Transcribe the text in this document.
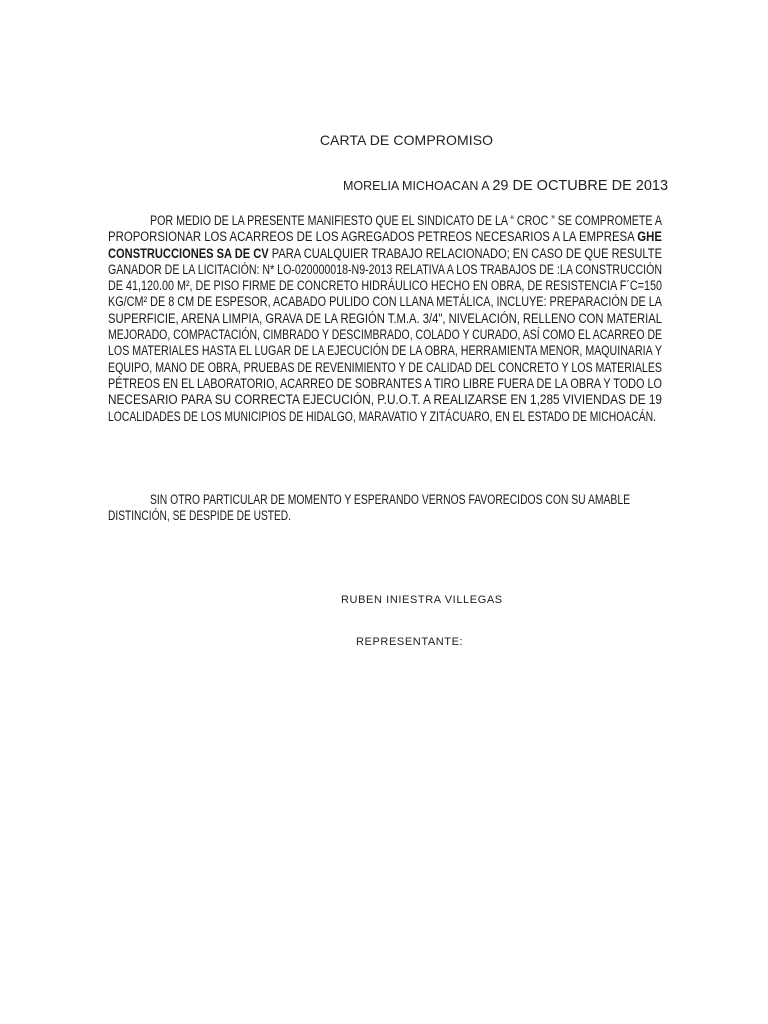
CARTA DE COMPROMISO
MORELIA MICHOACAN A 29 DE OCTUBRE DE 2013
POR MEDIO DE LA PRESENTE MANIFIESTO QUE EL SINDICATO DE LA “ CROC ” SE COMPROMETE A
PROPORSIONAR LOS ACARREOS DE LOS AGREGADOS PETREOS NECESARIOS A LA EMPRESA GHE
CONSTRUCCIONES SA DE CV PARA CUALQUIER TRABAJO RELACIONADO; EN CASO DE QUE RESULTE
GANADOR DE LA LICITACIÓN: N* LO-020000018-N9-2013 RELATIVA A LOS TRABAJOS DE :LA CONSTRUCCIÓN
DE 41,120.00 M², DE PISO FIRME DE CONCRETO HIDRÁULICO HECHO EN OBRA, DE RESISTENCIA F´C=150
KG/CM² DE 8 CM DE ESPESOR, ACABADO PULIDO CON LLANA METÁLICA, INCLUYE: PREPARACIÓN DE LA
SUPERFICIE, ARENA LIMPIA, GRAVA DE LA REGIÓN T.M.A. 3/4", NIVELACIÓN, RELLENO CON MATERIAL
MEJORADO, COMPACTACIÓN, CIMBRADO Y DESCIMBRADO, COLADO Y CURADO, ASÍ COMO EL ACARREO DE
LOS MATERIALES HASTA EL LUGAR DE LA EJECUCIÓN DE LA OBRA, HERRAMIENTA MENOR, MAQUINARIA Y
EQUIPO, MANO DE OBRA, PRUEBAS DE REVENIMIENTO Y DE CALIDAD DEL CONCRETO Y LOS MATERIALES
PÉTREOS EN EL LABORATORIO, ACARREO DE SOBRANTES A TIRO LIBRE FUERA DE LA OBRA Y TODO LO
NECESARIO PARA SU CORRECTA EJECUCIÓN, P.U.O.T. A REALIZARSE EN 1,285 VIVIENDAS DE 19
LOCALIDADES DE LOS MUNICIPIOS DE HIDALGO, MARAVATIO Y ZITÁCUARO, EN EL ESTADO DE MICHOACÁN.
SIN OTRO PARTICULAR DE MOMENTO Y ESPERANDO VERNOS FAVORECIDOS CON SU AMABLE
DISTINCIÓN, SE DESPIDE DE USTED.
RUBEN INIESTRA VILLEGAS
REPRESENTANTE:
